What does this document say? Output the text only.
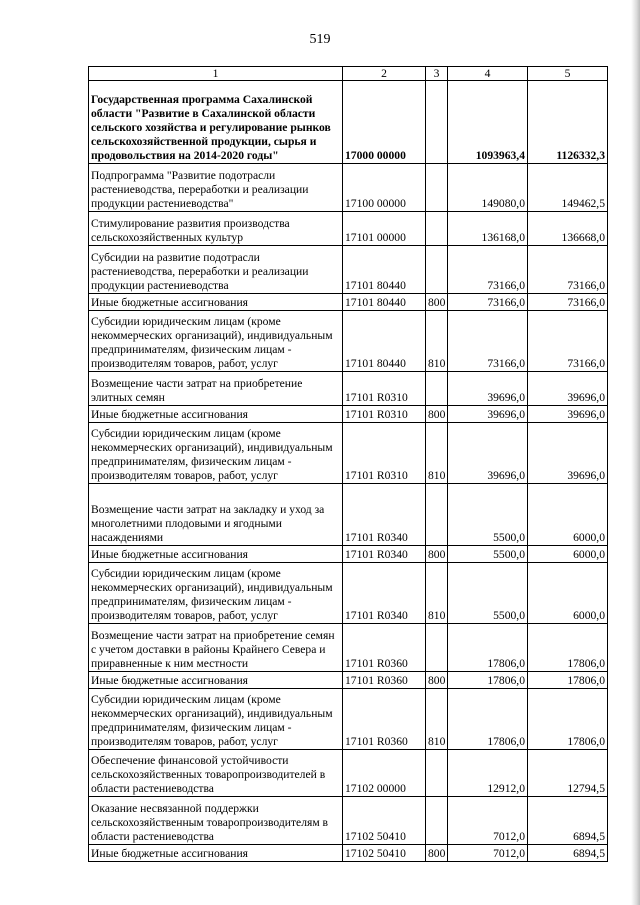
519
1	2	3	4	5
Государственная программа Сахалинской области "Развитие в Сахалинской области сельского хозяйства и регулирование рынков сельскохозяйственной продукции, сырья и продовольствия на 2014-2020 годы"	17000 00000		1093963,4	1126332,3
Подпрограмма "Развитие подотрасли растениеводства, переработки и реализации продукции растениеводства"	17100 00000		149080,0	149462,5
Стимулирование развития производства сельскохозяйственных культур	17101 00000		136168,0	136668,0
Субсидии на развитие подотрасли растениеводства, переработки и реализации продукции растениеводства	17101 80440		73166,0	73166,0
Иные бюджетные ассигнования	17101 80440	800	73166,0	73166,0
Субсидии юридическим лицам (кроме некоммерческих организаций), индивидуальным предпринимателям, физическим лицам - производителям товаров, работ, услуг	17101 80440	810	73166,0	73166,0
Возмещение части затрат на приобретение элитных семян	17101 R0310		39696,0	39696,0
Иные бюджетные ассигнования	17101 R0310	800	39696,0	39696,0
Субсидии юридическим лицам (кроме некоммерческих организаций), индивидуальным предпринимателям, физическим лицам - производителям товаров, работ, услуг	17101 R0310	810	39696,0	39696,0
Возмещение части затрат на закладку и уход за многолетними плодовыми и ягодными насаждениями	17101 R0340		5500,0	6000,0
Иные бюджетные ассигнования	17101 R0340	800	5500,0	6000,0
Субсидии юридическим лицам (кроме некоммерческих организаций), индивидуальным предпринимателям, физическим лицам - производителям товаров, работ, услуг	17101 R0340	810	5500,0	6000,0
Возмещение части затрат на приобретение семян с учетом доставки в районы Крайнего Севера и приравненные к ним местности	17101 R0360		17806,0	17806,0
Иные бюджетные ассигнования	17101 R0360	800	17806,0	17806,0
Субсидии юридическим лицам (кроме некоммерческих организаций), индивидуальным предпринимателям, физическим лицам - производителям товаров, работ, услуг	17101 R0360	810	17806,0	17806,0
Обеспечение финансовой устойчивости сельскохозяйственных товаропроизводителей в области растениеводства	17102 00000		12912,0	12794,5
Оказание несвязанной поддержки сельскохозяйственным товаропроизводителям в области растениеводства	17102 50410		7012,0	6894,5
Иные бюджетные ассигнования	17102 50410	800	7012,0	6894,5
